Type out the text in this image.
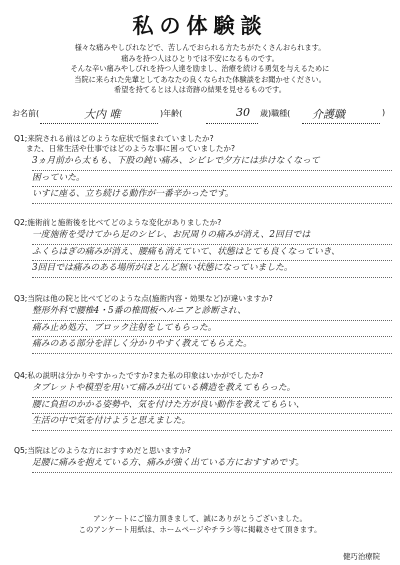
私の体験談
様々な痛みやしびれなどで、苦しんでおられる方たちがたくさんおられます。
痛みを持つ人はひとりでは不安になるものです。
そんな辛い痛みやしびれを持つ人達を励まし、治療を続ける勇気を与えるために
当院に来られた先輩としてあなたの良くなられた体験談をお聞かせください。
希望を持てるとは人は奇跡の結果を見せるものです。
お名前(	大内 唯	)年齢(	30 歳)職種( 介護職	)
Q1;来院される前はどのような症状で悩まれていましたか?
また、日常生活や仕事ではどのような事に困っていましたか?
3ヵ月前から太もも、下股の鈍い痛み、シビレで夕方には歩けなくなって
困っていた。
いすに座る、立ち続ける動作が一番辛かったです。
Q2;施術前と施術後を比べてどのような変化がありましたか?
一度施術を受けてから足のシビレ、お尻周りの痛みが消え、2回目では
ふくらはぎの痛みが消え、腰痛も消えていて、状態はとても良くなっていき、
3回目では痛みのある場所がほとんど無い状態になっていました。
Q3;当院は他の院と比べてどのような点(施術内容・効果など)が違いますか?
整形外科で腰椎4・5番の椎間板ヘルニアと診断され、
痛み止め処方、ブロック注射をしてもらった。
痛みのある部分を詳しく分かりやすく教えてもらえた。
Q4;私の説明は分かりやすかったですか?また私の印象はいかがでしたか?
タブレットや模型を用いて痛みが出ている構造を教えてもらった。
腰に負担のかかる姿勢や、気を付けた方が良い動作を教えてもらい、
生活の中で気を付けようと思えました。
Q5;当院はどのような方におすすめだと思いますか?
足腰に痛みを抱えている方、痛みが強く出ている方におすすめです。
アンケートにご協力頂きまして、誠にありがとうございました。
このアンケート用紙は、ホームページやチラシ等に掲載させて頂きます。
健巧治療院
